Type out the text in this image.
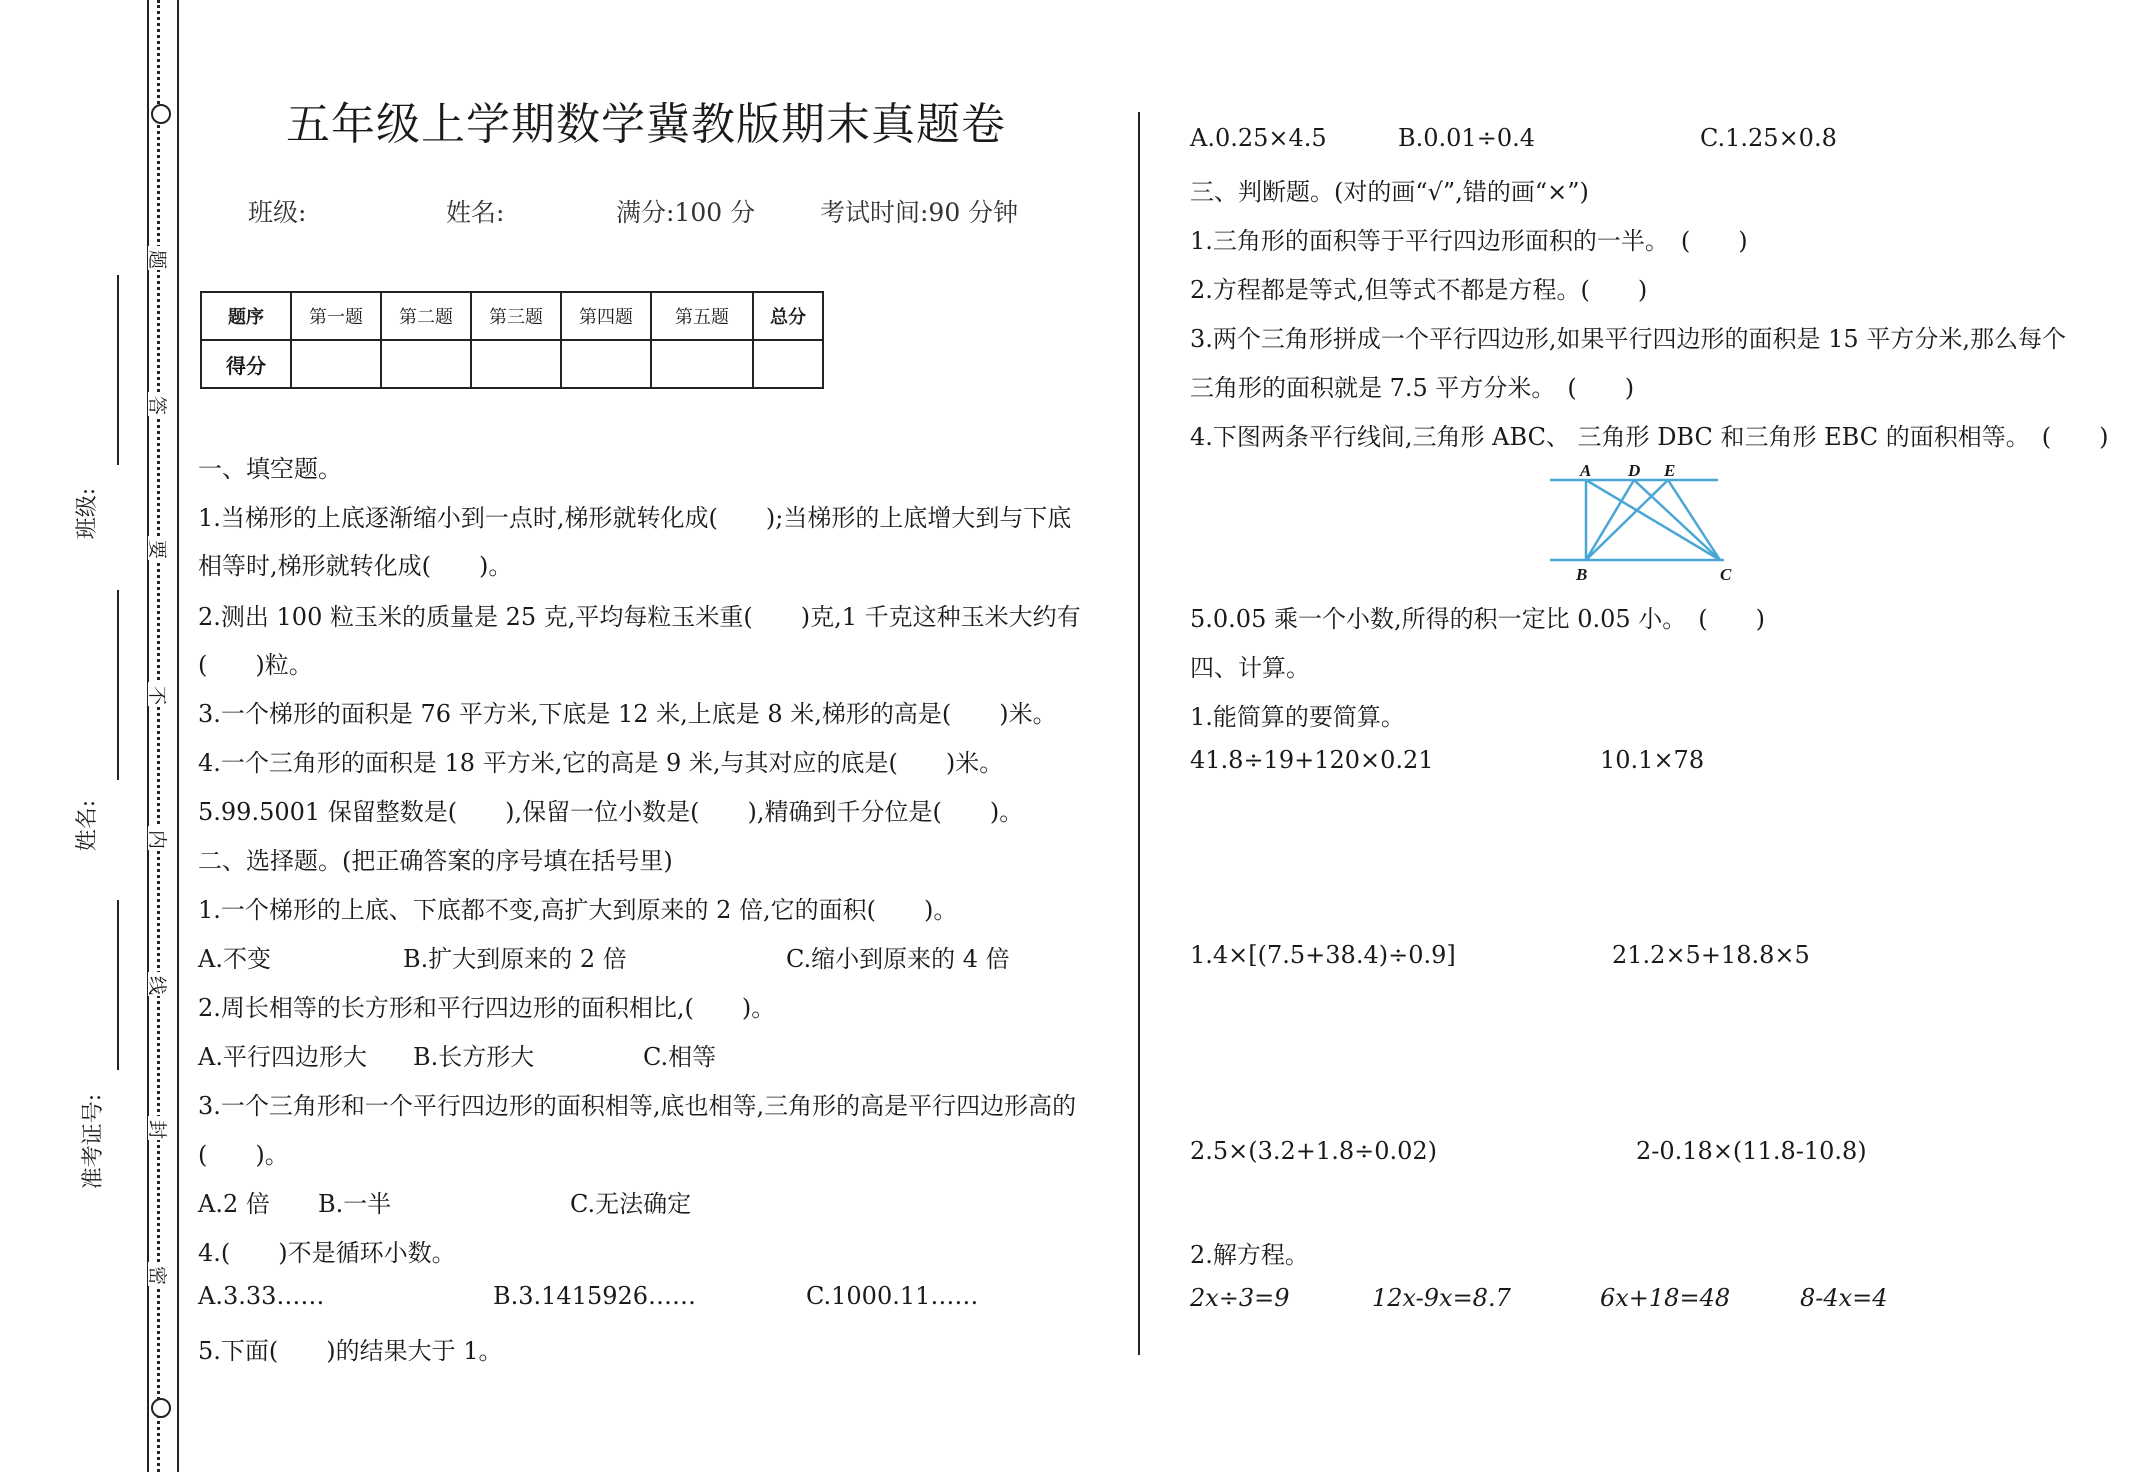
题
答
要
不
内
线
封
密
班级:
姓名:
准考证号:
五年级上学期数学冀教版期末真题卷
班级:	姓名:	满分:100 分	考试时间:90 分钟
题序	第一题	第二题	第三题	第四题	第五题	总分
得分						
一、填空题。
1.当梯形的上底逐渐缩小到一点时,梯形就转化成(　　);当梯形的上底增大到与下底
相等时,梯形就转化成(　　)。
2.测出 100 粒玉米的质量是 25 克,平均每粒玉米重(　　)克,1 千克这种玉米大约有
(　　)粒。
3.一个梯形的面积是 76 平方米,下底是 12 米,上底是 8 米,梯形的高是(　　)米。
4.一个三角形的面积是 18 平方米,它的高是 9 米,与其对应的底是(　　)米。
5.99.5001 保留整数是(　　),保留一位小数是(　　),精确到千分位是(　　)。
二、选择题。(把正确答案的序号填在括号里)
1.一个梯形的上底、下底都不变,高扩大到原来的 2 倍,它的面积(　　)。
A.不变	B.扩大到原来的 2 倍	C.缩小到原来的 4 倍
2.周长相等的长方形和平行四边形的面积相比,(　　)。
A.平行四边形大 B.长方形大	C.相等
3.一个三角形和一个平行四边形的面积相等,底也相等,三角形的高是平行四边形高的
(　　)。
A.2 倍 B.一半	C.无法确定
4.(　　)不是循环小数。
A.3.33……	B.3.1415926……	C.1000.11……
5.下面(　　)的结果大于 1。
A.0.25×4.5	B.0.01÷0.4	C.1.25×0.8
三、判断题。(对的画“√”,错的画“×”)
1.三角形的面积等于平行四边形面积的一半。　(　　)
2.方程都是等式,但等式不都是方程。(　　)
3.两个三角形拼成一个平行四边形,如果平行四边形的面积是 15 平方分米,那么每个
三角形的面积就是 7.5 平方分米。　(　　)
4.下图两条平行线间,三角形 ABC、 三角形 DBC 和三角形 EBC 的面积相等。　(　　)
A D E
B	C
5.0.05 乘一个小数,所得的积一定比 0.05 小。　(　　)
四、计算。
1.能简算的要简算。
41.8÷19+120×0.21	10.1×78
1.4×[(7.5+38.4)÷0.9]	21.2×5+18.8×5
2.5×(3.2+1.8÷0.02)	2-0.18×(11.8-10.8)
2.解方程。
2x÷3=9	12x-9x=8.7	6x+18=48	8-4x=4
